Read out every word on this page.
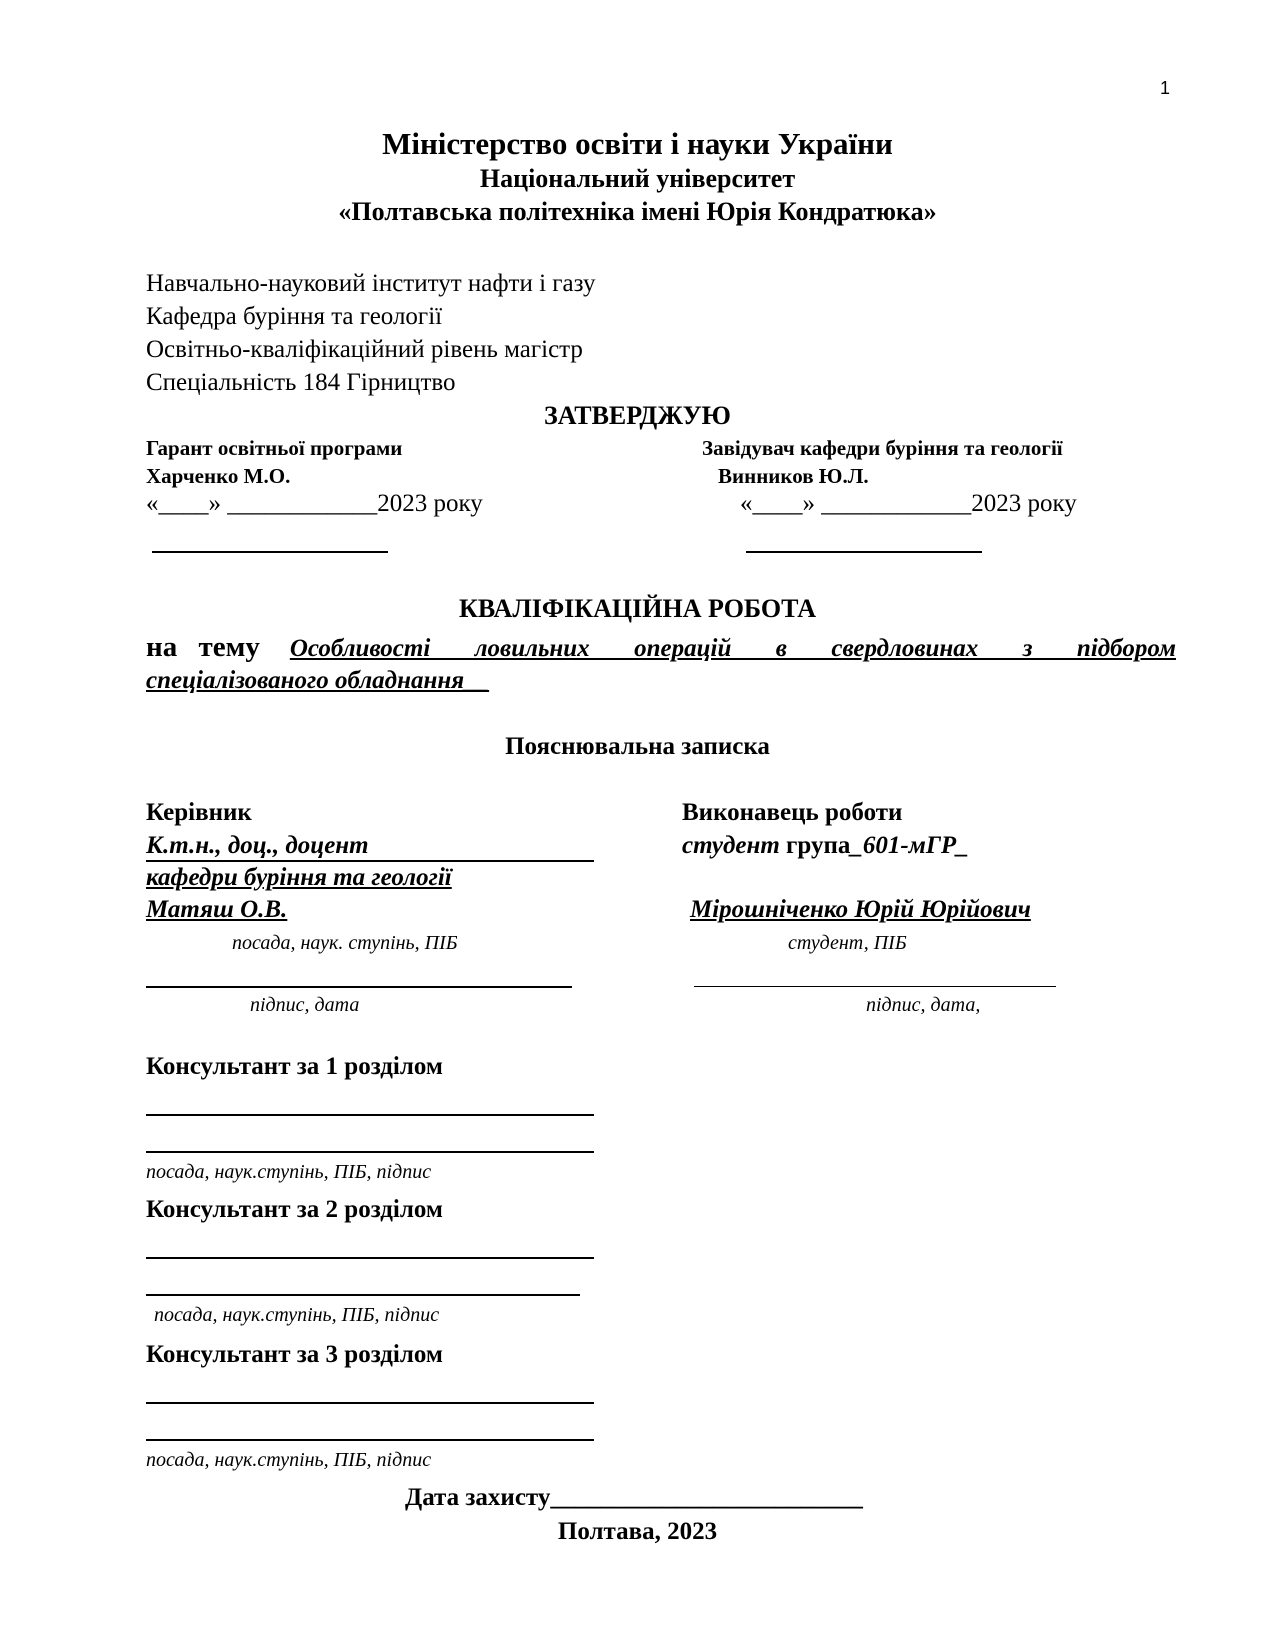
1
Міністерство освіти і науки України
Національний університет
«Полтавська політехніка імені Юрія Кондратюка»
Навчально-науковий інститут нафти і газу
Кафедра буріння та геології
Освітньо-кваліфікаційний рівень магістр
Спеціальність 184 Гірництво
ЗАТВЕРДЖУЮ
Гарант освітньої програми
Харченко М.О.
«____» ____________2023 року
Завідувач кафедри буріння та геології
Винников Ю.Л.
«____» ____________2023 року
КВАЛІФІКАЦІЙНА РОБОТА
на тему Особливості ловильних операцій в свердловинах з підбором
спеціалізованого обладнання__
Пояснювальна записка
Керівник
К.т.н., доц., доцент
кафедри буріння та геології
Матяш О.В.
посада, наук. ступінь, ПІБ
підпис, дата
Виконавець роботи
студент група_601-мГР_
Мірошніченко Юрій Юрійович
студент, ПІБ
підпис, дата,
Консультант за 1 розділом
посада, наук.ступінь, ПІБ, підпис
Консультант за 2 розділом
посада, наук.ступінь, ПІБ, підпис
Консультант за 3 розділом
посада, наук.ступінь, ПІБ, підпис
Дата захисту_________________________
Полтава, 2023
